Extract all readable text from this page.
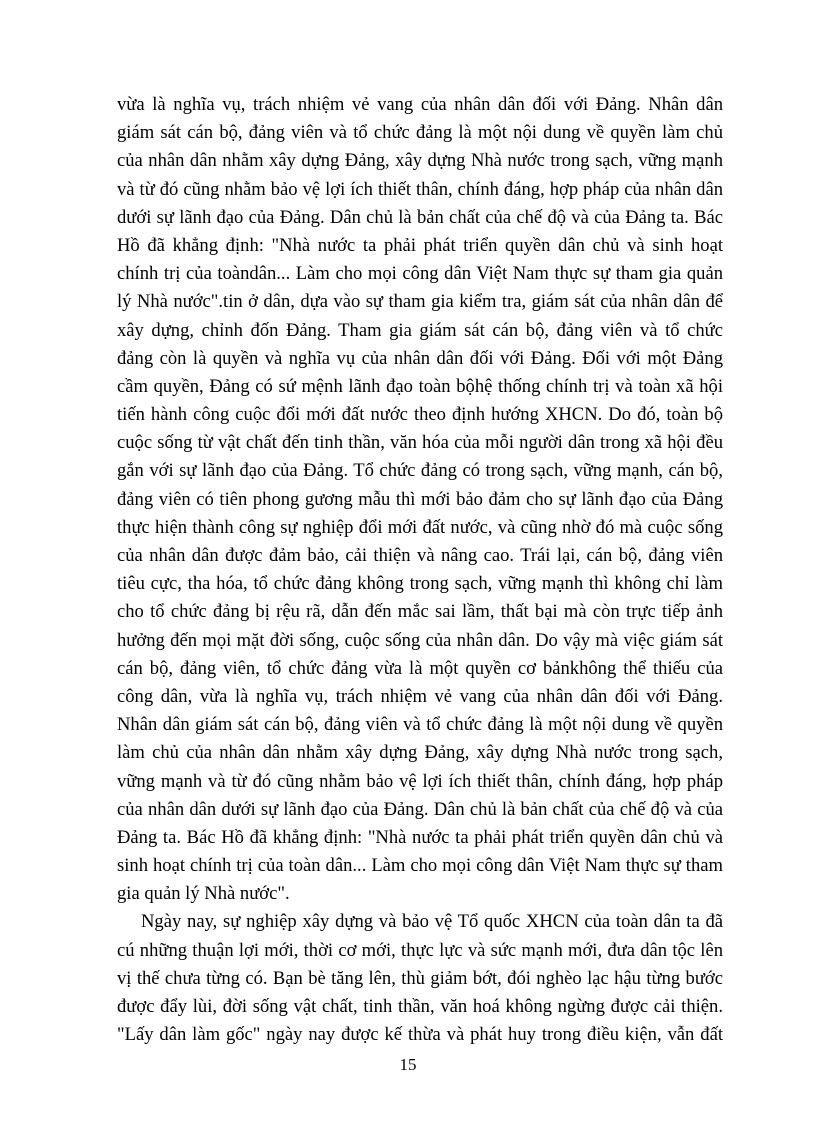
vừa là nghĩa vụ, trách nhiệm vẻ vang của nhân dân đối với Đảng. Nhân dân
giám sát cán bộ, đảng viên và tổ chức đảng là một nội dung về quyền làm chủ
của nhân dân nhằm xây dựng Đảng, xây dựng Nhà nước trong sạch, vững mạnh
và từ đó cũng nhằm bảo vệ lợi ích thiết thân, chính đáng, hợp pháp của nhân dân
dưới sự lãnh đạo của Đảng. Dân chủ là bản chất của chế độ và của Đảng ta. Bác
Hồ đã khẳng định: "Nhà nước ta phải phát triển quyền dân chủ và sinh hoạt
chính trị của toàndân... Làm cho mọi công dân Việt Nam thực sự tham gia quản
lý Nhà nước".tin ở dân, dựa vào sự tham gia kiểm tra, giám sát của nhân dân để
xây dựng, chỉnh đốn Đảng. Tham gia giám sát cán bộ, đảng viên và tổ chức
đảng còn là quyền và nghĩa vụ của nhân dân đối với Đảng. Đối với một Đảng
cầm quyền, Đảng có sứ mệnh lãnh đạo toàn bộhệ thống chính trị và toàn xã hội
tiến hành công cuộc đổi mới đất nước theo định hướng XHCN. Do đó, toàn bộ
cuộc sống từ vật chất đến tinh thần, văn hóa của mỗi người dân trong xã hội đều
gắn với sự lãnh đạo của Đảng. Tổ chức đảng có trong sạch, vững mạnh, cán bộ,
đảng viên có tiên phong gương mẫu thì mới bảo đảm cho sự lãnh đạo của Đảng
thực hiện thành công sự nghiệp đổi mới đất nước, và cũng nhờ đó mà cuộc sống
của nhân dân được đảm bảo, cải thiện và nâng cao. Trái lại, cán bộ, đảng viên
tiêu cực, tha hóa, tổ chức đảng không trong sạch, vững mạnh thì không chỉ làm
cho tổ chức đảng bị rệu rã, dẫn đến mắc sai lầm, thất bại mà còn trực tiếp ảnh
hưởng đến mọi mặt đời sống, cuộc sống của nhân dân. Do vậy mà việc giám sát
cán bộ, đảng viên, tổ chức đảng vừa là một quyền cơ bảnkhông thể thiếu của
công dân, vừa là nghĩa vụ, trách nhiệm vẻ vang của nhân dân đối với Đảng.
Nhân dân giám sát cán bộ, đảng viên và tổ chức đảng là một nội dung về quyền
làm chủ của nhân dân nhằm xây dựng Đảng, xây dựng Nhà nước trong sạch,
vững mạnh và từ đó cũng nhằm bảo vệ lợi ích thiết thân, chính đáng, hợp pháp
của nhân dân dưới sự lãnh đạo của Đảng. Dân chủ là bản chất của chế độ và của
Đảng ta. Bác Hồ đã khẳng định: "Nhà nước ta phải phát triển quyền dân chủ và
sinh hoạt chính trị của toàn dân... Làm cho mọi công dân Việt Nam thực sự tham
gia quản lý Nhà nước".
Ngày nay, sự nghiệp xây dựng và bảo vệ Tổ quốc XHCN của toàn dân ta đã
cú những thuận lợi mới, thời cơ mới, thực lực và sức mạnh mới, đưa dân tộc lên
vị thế chưa từng có. Bạn bè tăng lên, thù giảm bớt, đói nghèo lạc hậu từng bước
được đẩy lùi, đời sống vật chất, tinh thần, văn hoá không ngừng được cải thiện.
"Lấy dân làm gốc" ngày nay được kế thừa và phát huy trong điều kiện, vẫn đất
15
